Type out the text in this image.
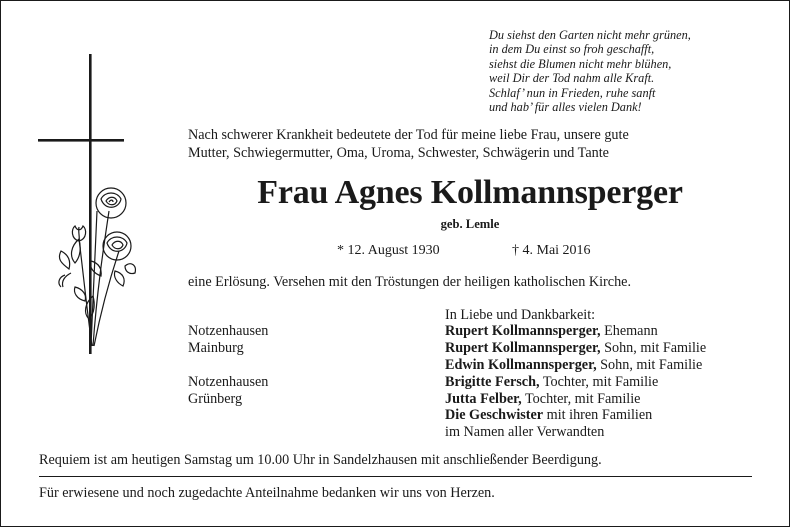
Du siehst den Garten nicht mehr grünen,
in dem Du einst so froh geschafft,
siehst die Blumen nicht mehr blühen,
weil Dir der Tod nahm alle Kraft.
Schlaf’ nun in Frieden, ruhe sanft
und hab’ für alles vielen Dank!
Nach schwerer Krankheit bedeutete der Tod für meine liebe Frau, unsere gute
Mutter, Schwiegermutter, Oma, Uroma, Schwester, Schwägerin und Tante
Frau Agnes Kollmannsperger
geb. Lemle
* 12. August 1930	† 4. Mai 2016
eine Erlösung. Versehen mit den Tröstungen der heiligen katholischen Kirche.
In Liebe und Dankbarkeit:
Notzenhausen
Mainburg
Notzenhausen
Grünberg
Rupert Kollmannsperger, Ehemann
Rupert Kollmannsperger, Sohn, mit Familie
Edwin Kollmannsperger, Sohn, mit Familie
Brigitte Fersch, Tochter, mit Familie
Jutta Felber, Tochter, mit Familie
Die Geschwister mit ihren Familien
im Namen aller Verwandten
Requiem ist am heutigen Samstag um 10.00 Uhr in Sandelzhausen mit anschließender Beerdigung.
Für erwiesene und noch zugedachte Anteilnahme bedanken wir uns von Herzen.
